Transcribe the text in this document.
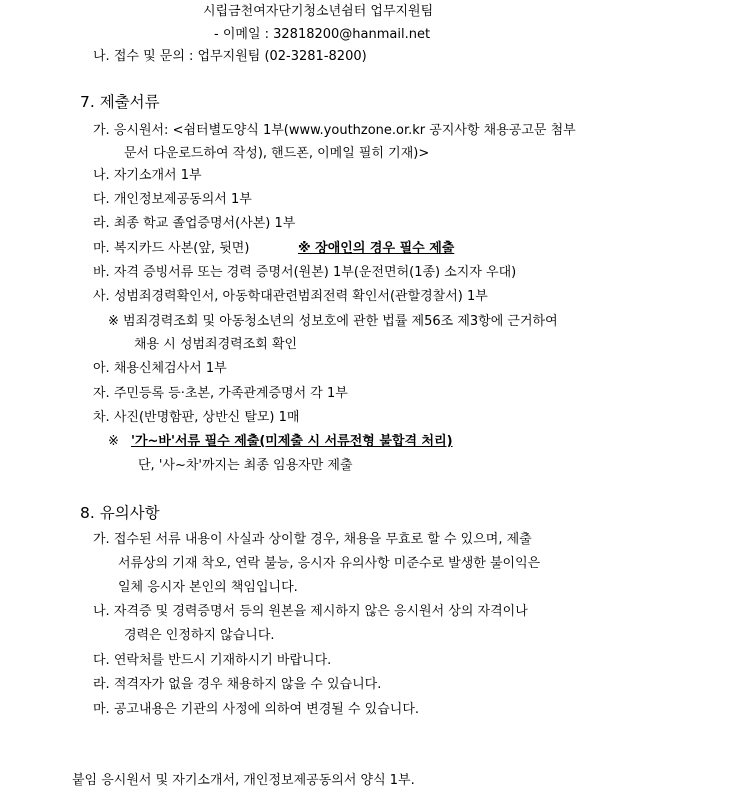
시립금천여자단기청소년쉼터 업무지원팀
- 이메일 : 32818200@hanmail.net
나. 접수 및 문의 : 업무지원팀 (02-3281-8200)
7. 제출서류
가. 응시원서: <쉼터별도양식 1부(www.youthzone.or.kr 공지사항 채용공고문 첨부
문서 다운로드하여 작성), 핸드폰, 이메일 필히 기재)>
나. 자기소개서 1부
다. 개인정보제공동의서 1부
라. 최종 학교 졸업증명서(사본) 1부
마. 복지카드 사본(앞, 뒷면)	※ 장애인의 경우 필수 제출
바. 자격 증빙서류 또는 경력 증명서(원본) 1부(운전면허(1종) 소지자 우대)
사. 성범죄경력확인서, 아동학대관련범죄전력 확인서(관할경찰서) 1부
※ 범죄경력조회 및 아동청소년의 성보호에 관한 법률 제56조 제3항에 근거하여
채용 시 성범죄경력조회 확인
아. 채용신체검사서 1부
자. 주민등록 등·초본, 가족관계증명서 각 1부
차. 사진(반명함판, 상반신 탈모) 1매
※ '가~바'서류 필수 제출(미제출 시 서류전형 불합격 처리)
단, '사~차'까지는 최종 임용자만 제출
8. 유의사항
가. 접수된 서류 내용이 사실과 상이할 경우, 채용을 무효로 할 수 있으며, 제출
서류상의 기재 착오, 연락 불능, 응시자 유의사항 미준수로 발생한 불이익은
일체 응시자 본인의 책임입니다.
나. 자격증 및 경력증명서 등의 원본을 제시하지 않은 응시원서 상의 자격이나
경력은 인정하지 않습니다.
다. 연락처를 반드시 기재하시기 바랍니다.
라. 적격자가 없을 경우 채용하지 않을 수 있습니다.
마. 공고내용은 기관의 사정에 의하여 변경될 수 있습니다.
붙임 응시원서 및 자기소개서, 개인정보제공동의서 양식 1부.
